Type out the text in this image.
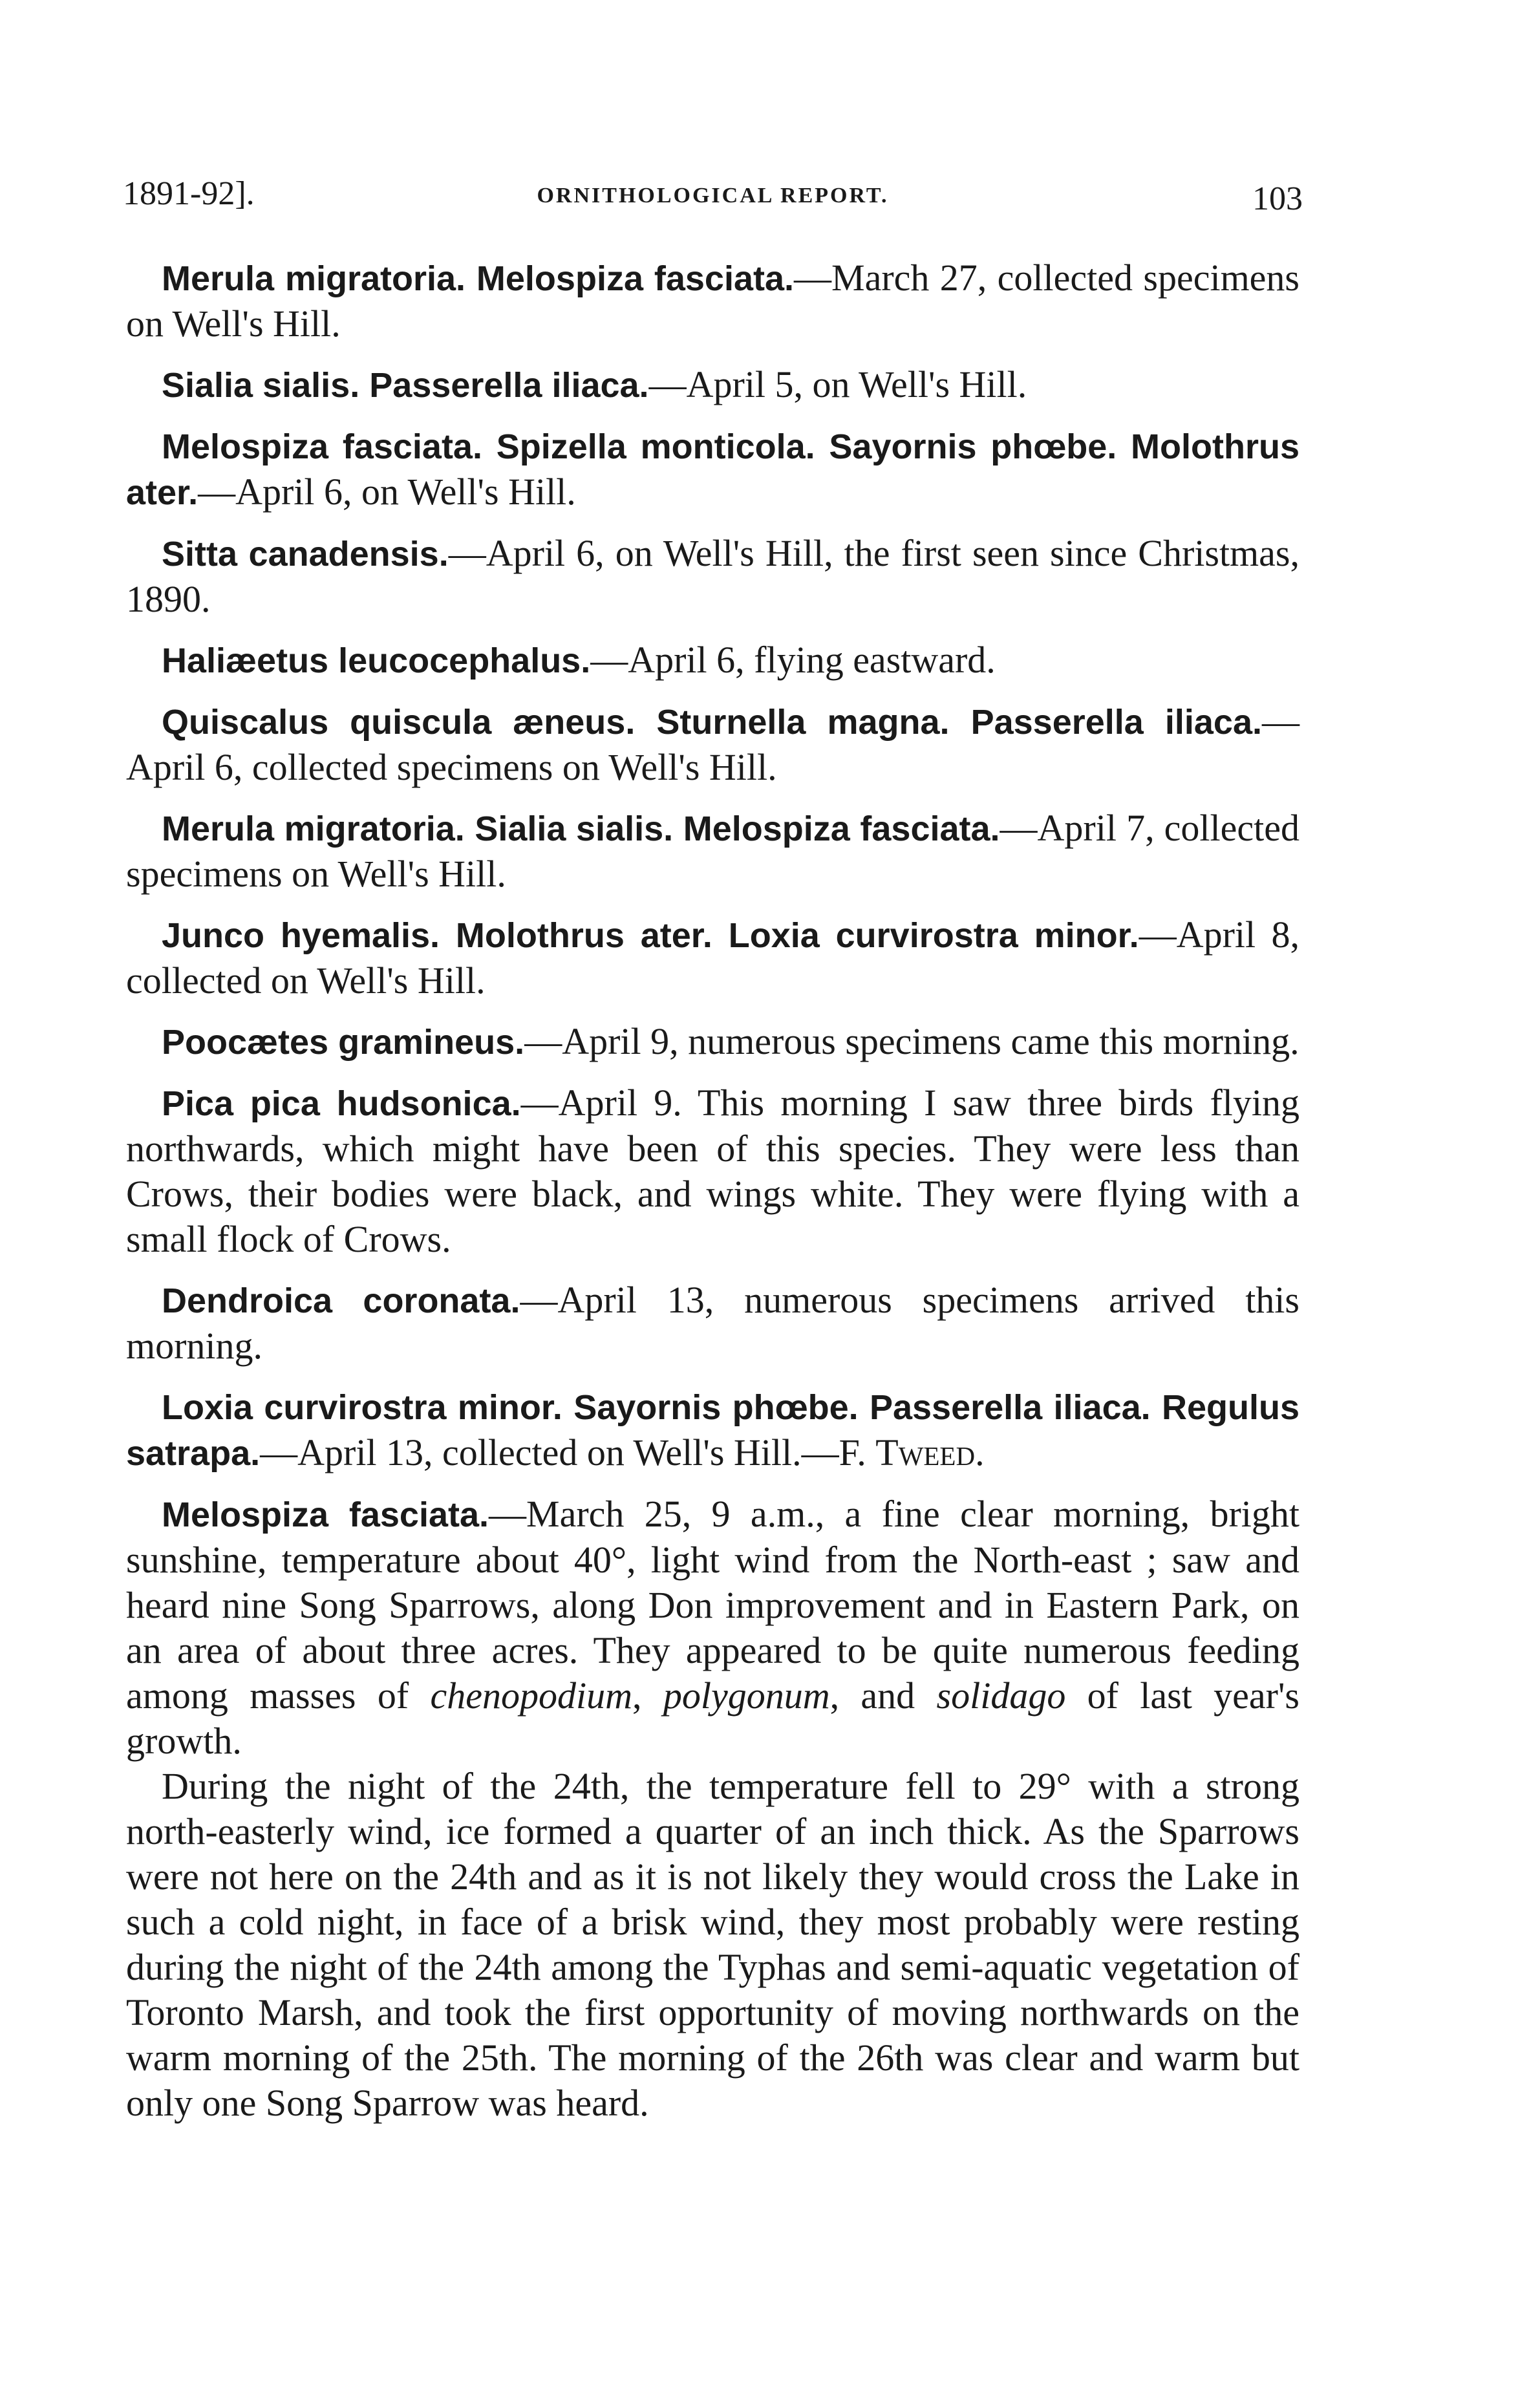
1891-92].	ORNITHOLOGICAL REPORT.	103

Merula migratoria. Melospiza fasciata.—March 27, collected specimens on Well's Hill.

Sialia sialis. Passerella iliaca.—April 5, on Well's Hill.

Melospiza fasciata. Spizella monticola. Sayornis phœbe. Molothrus ater.—April 6, on Well's Hill.

Sitta canadensis.—April 6, on Well's Hill, the first seen since Christmas, 1890.

Haliæetus leucocephalus.—April 6, flying eastward.

Quiscalus quiscula æneus. Sturnella magna. Passerella iliaca.—April 6, collected specimens on Well's Hill.

Merula migratoria. Sialia sialis. Melospiza fasciata.—April 7, collected specimens on Well's Hill.

Junco hyemalis. Molothrus ater. Loxia curvirostra minor.—April 8, collected on Well's Hill.

Poocætes gramineus.—April 9, numerous specimens came this morning.

Pica pica hudsonica.—April 9. This morning I saw three birds flying northwards, which might have been of this species. They were less than Crows, their bodies were black, and wings white. They were flying with a small flock of Crows.

Dendroica coronata.—April 13, numerous specimens arrived this morning.

Loxia curvirostra minor. Sayornis phœbe. Passerella iliaca. Regulus satrapa.—April 13, collected on Well's Hill.—F. Tweed.

Melospiza fasciata.—March 25, 9 a.m., a fine clear morning, bright sunshine, temperature about 40°, light wind from the North-east ; saw and heard nine Song Sparrows, along Don improvement and in Eastern Park, on an area of about three acres. They appeared to be quite numerous feeding among masses of chenopodium, polygonum, and solidago of last year's growth.

During the night of the 24th, the temperature fell to 29° with a strong north-easterly wind, ice formed a quarter of an inch thick. As the Sparrows were not here on the 24th and as it is not likely they would cross the Lake in such a cold night, in face of a brisk wind, they most probably were resting during the night of the 24th among the Typhas and semi-aquatic vegetation of Toronto Marsh, and took the first opportunity of moving northwards on the warm morning of the 25th. The morning of the 26th was clear and warm but only one Song Sparrow was heard.
